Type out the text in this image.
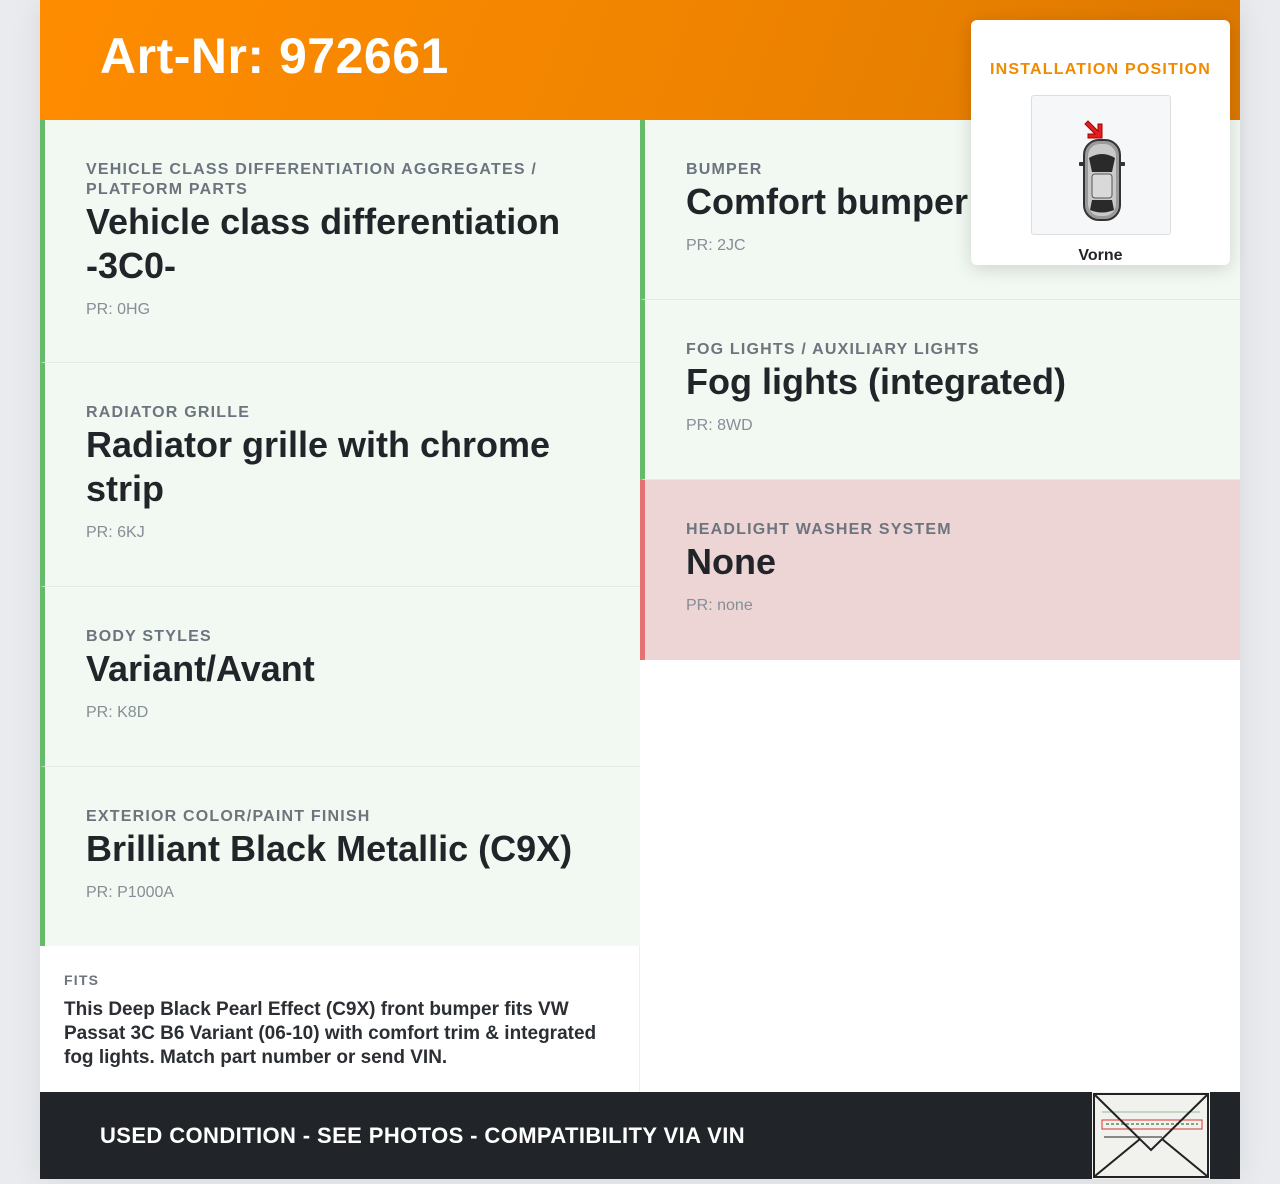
Art-Nr: 972661
VEHICLE CLASS DIFFERENTIATION AGGREGATES / PLATFORM PARTS
Vehicle class differentiation -3C0-
PR: 0HG
RADIATOR GRILLE
Radiator grille with chrome strip
PR: 6KJ
BODY STYLES
Variant/Avant
PR: K8D
EXTERIOR COLOR/PAINT FINISH
Brilliant Black Metallic (C9X)
PR: P1000A
BUMPER
Comfort bumper
PR: 2JC
FOG LIGHTS / AUXILIARY LIGHTS
Fog lights (integrated)
PR: 8WD
HEADLIGHT WASHER SYSTEM
None
PR: none
FITS
This Deep Black Pearl Effect (C9X) front bumper fits VW Passat 3C B6 Variant (06-10) with comfort trim & integrated fog lights. Match part number or send VIN.
USED CONDITION - SEE PHOTOS - COMPATIBILITY VIA VIN
INSTALLATION POSITION
Vorne
